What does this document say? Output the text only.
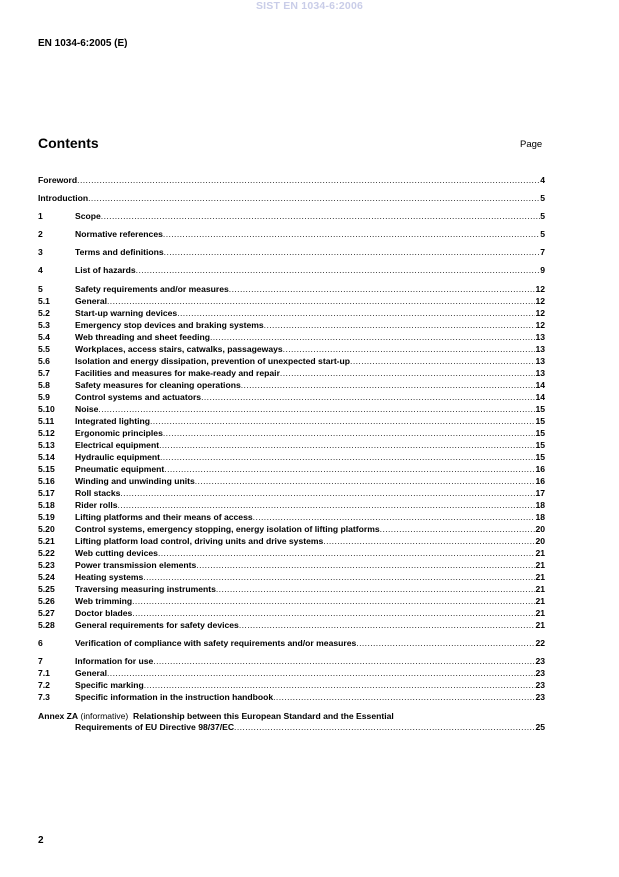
SIST EN 1034-6:2006
EN 1034-6:2005 (E)
Contents	Page
Foreword .....	4
Introduction .....	5
1	Scope .....	5
2	Normative references .....	5
3	Terms and definitions .....	7
4	List of hazards .....	9
5	Safety requirements and/or measures .....	12
5.1	General .....	12
5.2	Start-up warning devices .....	12
5.3	Emergency stop devices and braking systems .....	12
5.4	Web threading and sheet feeding .....	13
5.5	Workplaces, access stairs, catwalks, passageways .....	13
5.6	Isolation and energy dissipation, prevention of unexpected start-up .....	13
5.7	Facilities and measures for make-ready and repair .....	13
5.8	Safety measures for cleaning operations .....	14
5.9	Control systems and actuators .....	14
5.10	Noise .....	15
5.11	Integrated lighting .....	15
5.12	Ergonomic principles .....	15
5.13	Electrical equipment .....	15
5.14	Hydraulic equipment .....	15
5.15	Pneumatic equipment .....	16
5.16	Winding and unwinding units .....	16
5.17	Roll stacks .....	17
5.18	Rider rolls .....	18
5.19	Lifting platforms and their means of access .....	18
5.20	Control systems, emergency stopping, energy isolation of lifting platforms .....	20
5.21	Lifting platform load control, driving units and drive systems .....	20
5.22	Web cutting devices .....	21
5.23	Power transmission elements .....	21
5.24	Heating systems .....	21
5.25	Traversing measuring instruments .....	21
5.26	Web trimming .....	21
5.27	Doctor blades .....	21
5.28	General requirements for safety devices .....	21
6	Verification of compliance with safety requirements and/or measures .....	22
7	Information for use .....	23
7.1	General .....	23
7.2	Specific marking .....	23
7.3	Specific information in the instruction handbook .....	23
Annex ZA (informative) Relationship between this European Standard and the Essential
Requirements of EU Directive 98/37/EC .....	25
2
